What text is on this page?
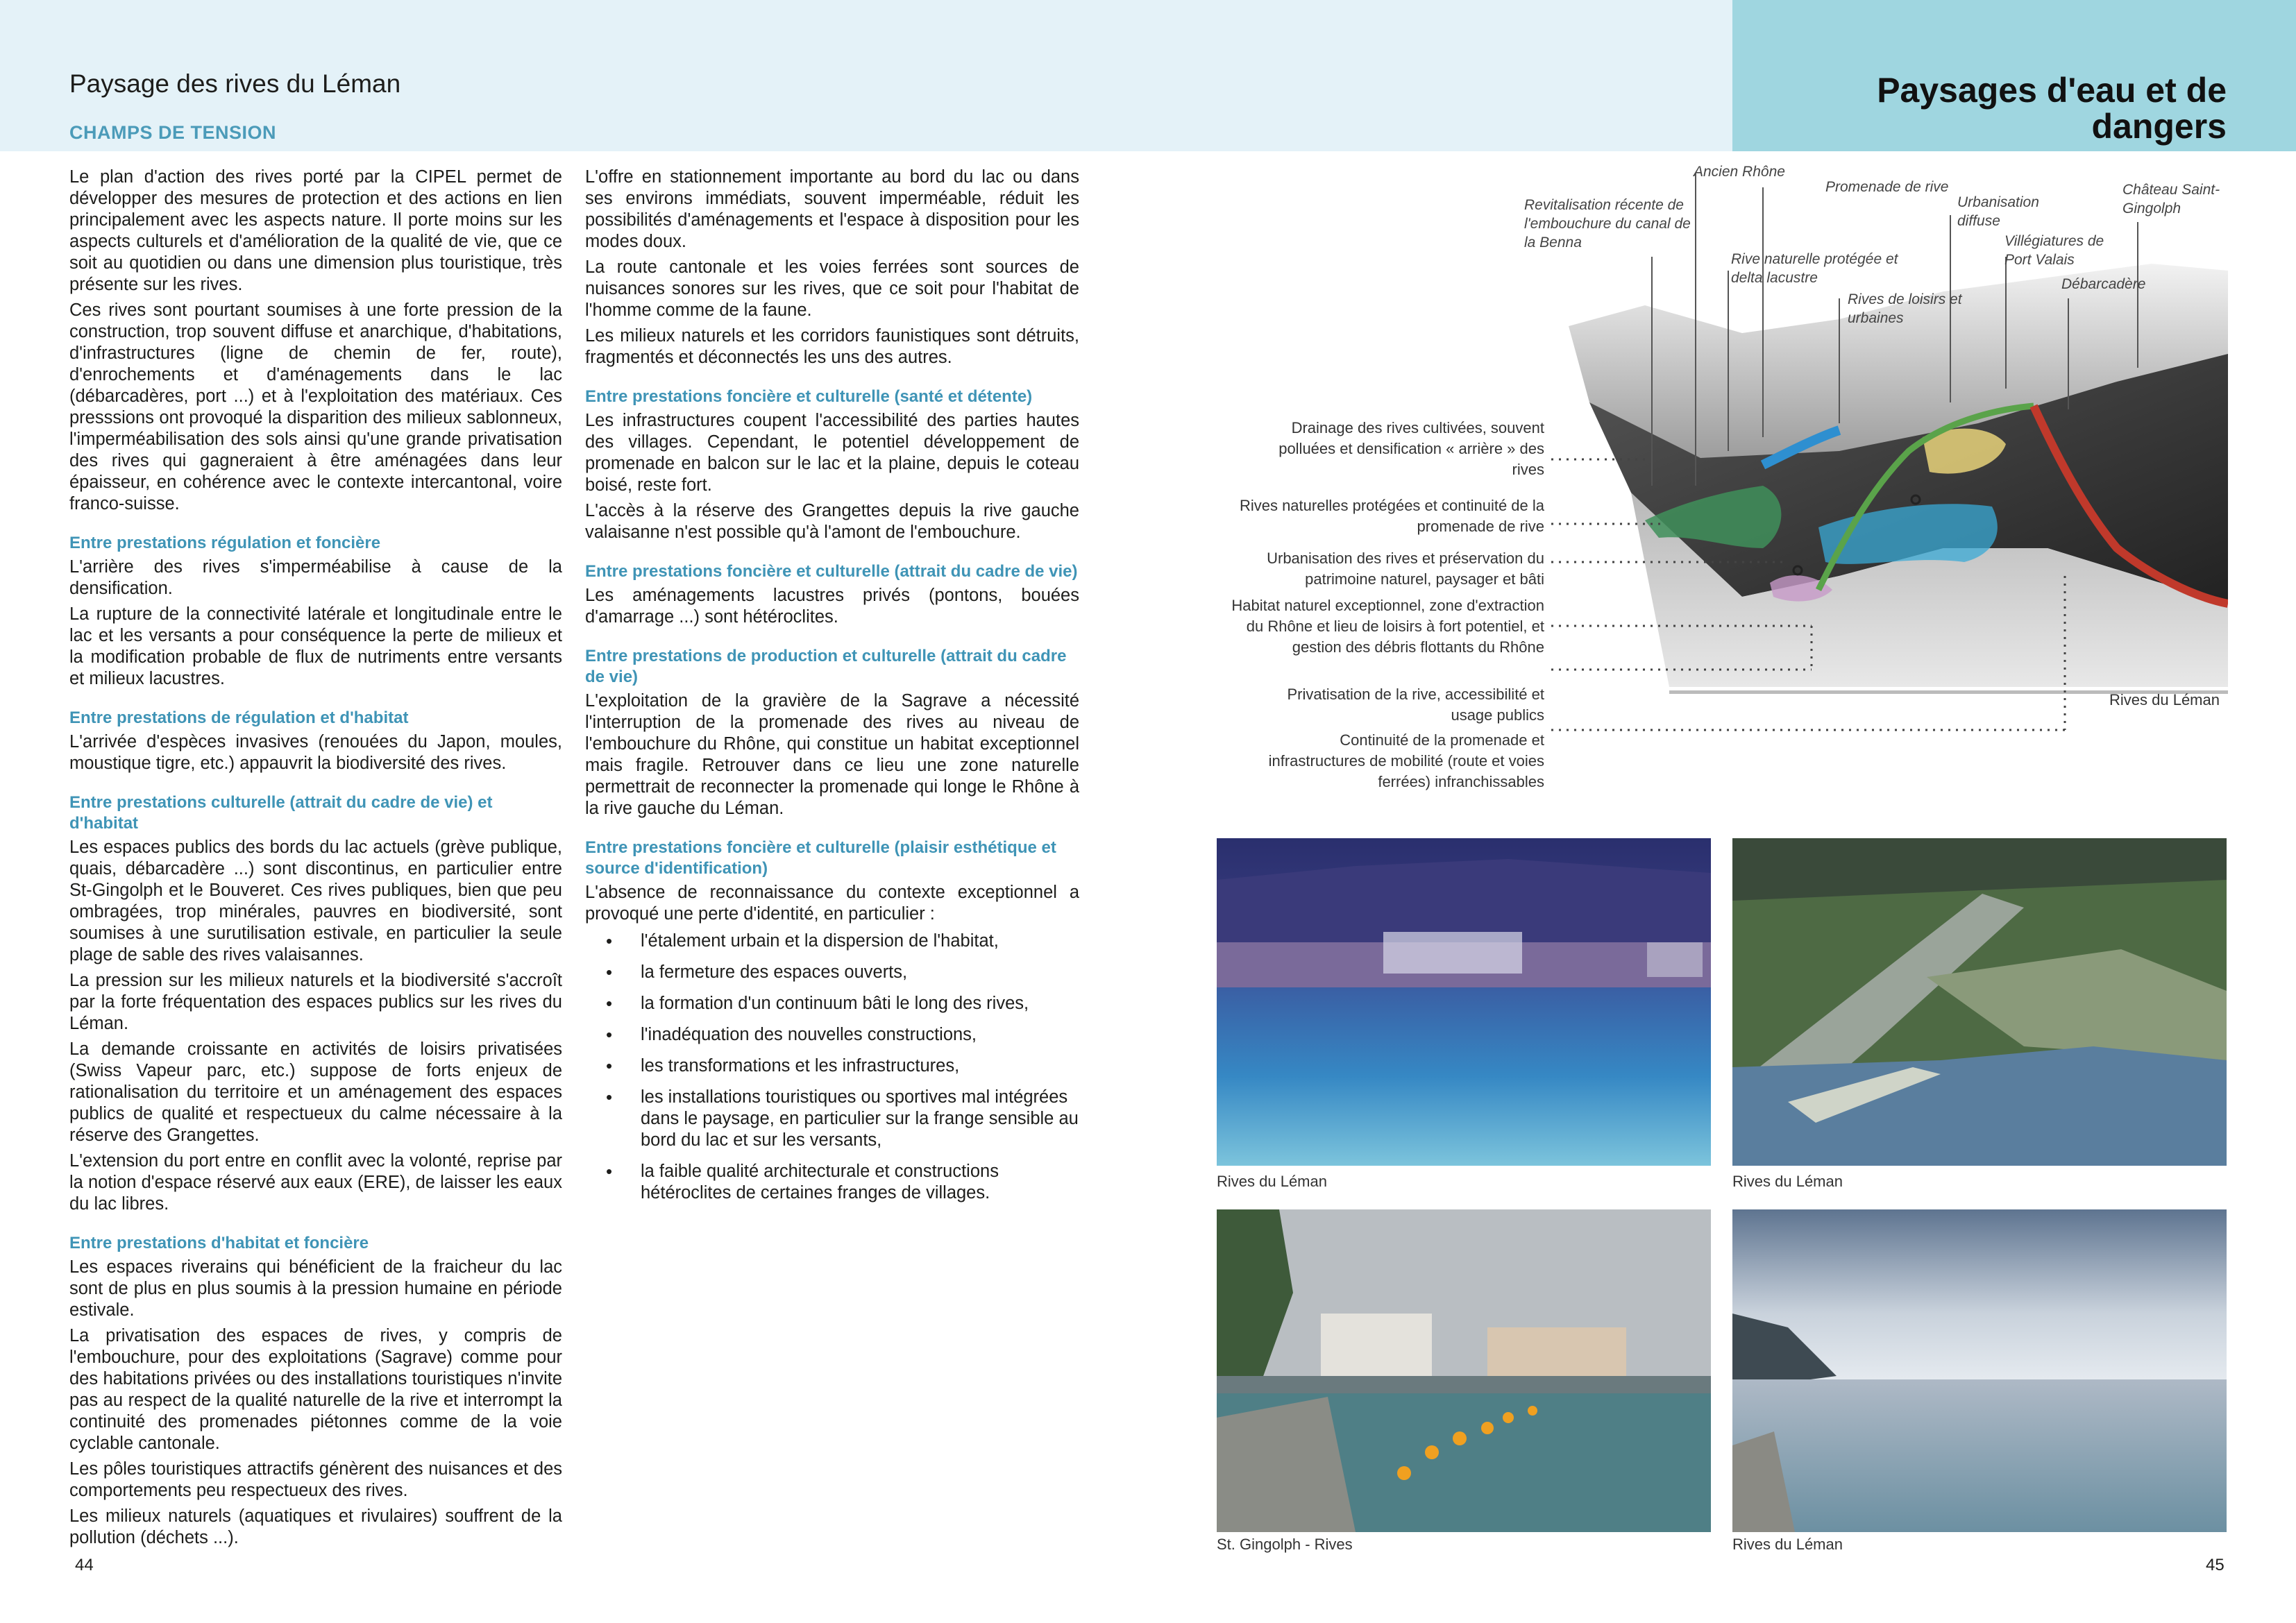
Paysage des rives du Léman
CHAMPS DE TENSION
Paysages d'eau et de dangers

Le plan d'action des rives porté par la CIPEL permet de développer des mesures de protection et des actions en lien principalement avec les aspects nature. Il porte moins sur les aspects culturels et d'amélioration de la qualité de vie, que ce soit au quotidien ou dans une dimension plus touristique, très présente sur les rives.

Ces rives sont pourtant soumises à une forte pression de la construction, trop souvent diffuse et anarchique, d'habitations, d'infrastructures (ligne de chemin de fer, route), d'enrochements et d'aménagements dans le lac (débarcadères, port ...) et à l'exploitation des matériaux. Ces presssions ont provoqué la disparition des milieux sablonneux, l'imperméabilisation des sols ainsi qu'une grande privatisation des rives qui gagneraient à être aménagées dans leur épaisseur, en cohérence avec le contexte intercantonal, voire franco-suisse.

Entre prestations régulation et foncière

L'arrière des rives s'imperméabilise à cause de la densification.

La rupture de la connectivité latérale et longitudinale entre le lac et les versants a pour conséquence la perte de milieux et la modification probable de flux de nutriments entre versants et milieux lacustres.

Entre prestations de régulation et d'habitat

L'arrivée d'espèces invasives (renouées du Japon, moules, moustique tigre, etc.) appauvrit la biodiversité des rives.

Entre prestations culturelle (attrait du cadre de vie) et d'habitat

Les espaces publics des bords du lac actuels (grève publique, quais, débarcadère ...) sont discontinus, en particulier entre St-Gingolph et le Bouveret. Ces rives publiques, bien que peu ombragées, trop minérales, pauvres en biodiversité, sont soumises à une surutilisation estivale, en particulier la seule plage de sable des rives valaisannes.

La pression sur les milieux naturels et la biodiversité s'accroît par la forte fréquentation des espaces publics sur les rives du Léman.

La demande croissante en activités de loisirs privatisées (Swiss Vapeur parc, etc.) suppose de forts enjeux de rationalisation du territoire et un aménagement des espaces publics de qualité et respectueux du calme nécessaire à la réserve des Grangettes.

L'extension du port entre en conflit avec la volonté, reprise par la notion d'espace réservé aux eaux (ERE), de laisser les eaux du lac libres.

Entre prestations d'habitat et foncière

Les espaces riverains qui bénéficient de la fraicheur du lac sont de plus en plus soumis à la pression humaine en période estivale.

La privatisation des espaces de rives, y compris de l'embouchure, pour des exploitations (Sagrave) comme pour des habitations privées ou des installations touristiques n'invite pas au respect de la qualité naturelle de la rive et interrompt la continuité des promenades piétonnes comme de la voie cyclable cantonale.

Les pôles touristiques attractifs génèrent des nuisances et des comportements peu respectueux des rives.

Les milieux naturels (aquatiques et rivulaires) souffrent de la pollution (déchets ...).

L'offre en stationnement importante au bord du lac ou dans ses environs immédiats, souvent imperméable, réduit les possibilités d'aménagements et l'espace à disposition pour les modes doux.

La route cantonale et les voies ferrées sont sources de nuisances sonores sur les rives, que ce soit pour l'habitat de l'homme comme de la faune.

Les milieux naturels et les corridors faunistiques sont détruits, fragmentés et déconnectés les uns des autres.

Entre prestations foncière et culturelle (santé et détente)

Les infrastructures coupent l'accessibilité des parties hautes des villages. Cependant, le potentiel développement de promenade en balcon sur le lac et la plaine, depuis le coteau boisé, reste fort.

L'accès à la réserve des Grangettes depuis la rive gauche valaisanne n'est possible qu'à l'amont de l'embouchure.

Entre prestations foncière et culturelle (attrait du cadre de vie)

Les aménagements lacustres privés (pontons, bouées d'amarrage ...) sont hétéroclites.

Entre prestations de production et culturelle (attrait du cadre de vie)

L'exploitation de la gravière de la Sagrave a nécessité l'interruption de la promenade des rives au niveau de l'embouchure du Rhône, qui constitue un habitat exceptionnel mais fragile. Retrouver dans ce lieu une zone naturelle permettrait de reconnecter la promenade qui longe le Rhône à la rive gauche du Léman.

Entre prestations foncière et culturelle (plaisir esthétique et source d'identification)

L'absence de reconnaissance du contexte exceptionnel a provoqué une perte d'identité, en particulier :

• l'étalement urbain et la dispersion de l'habitat,
• la fermeture des espaces ouverts,
• la formation d'un continuum bâti le long des rives,
• l'inadéquation des nouvelles constructions,
• les transformations et les infrastructures,
• les installations touristiques ou sportives mal intégrées dans le paysage, en particulier sur la frange sensible au bord du lac et sur les versants,
• la faible qualité architecturale et constructions hétéroclites de certaines franges de villages.
Ancien Rhône
Promenade de rive
Revitalisation récente de l'embouchure du canal de la Benna
Rive naturelle protégée et delta lacustre
Rives de loisirs et urbaines
Urbanisation diffuse
Villégiatures de Port Valais
Château Saint-Gingolph
Débarcadère
Drainage des rives cultivées, souvent polluées et densification « arrière » des rives
Rives naturelles protégées et continuité de la promenade de rive
Urbanisation des rives et préservation du patrimoine naturel, paysager et bâti
Habitat naturel exceptionnel, zone d'extraction du Rhône et lieu de loisirs à fort potentiel, et gestion des débris flottants du Rhône
Privatisation de la rive, accessibilité et usage publics
Continuité de la promenade et infrastructures de mobilité (route et voies ferrées) infranchissables
Rives du Léman
Rives du Léman	Rives du Léman
St. Gingolph - Rives	Rives du Léman
44	45
